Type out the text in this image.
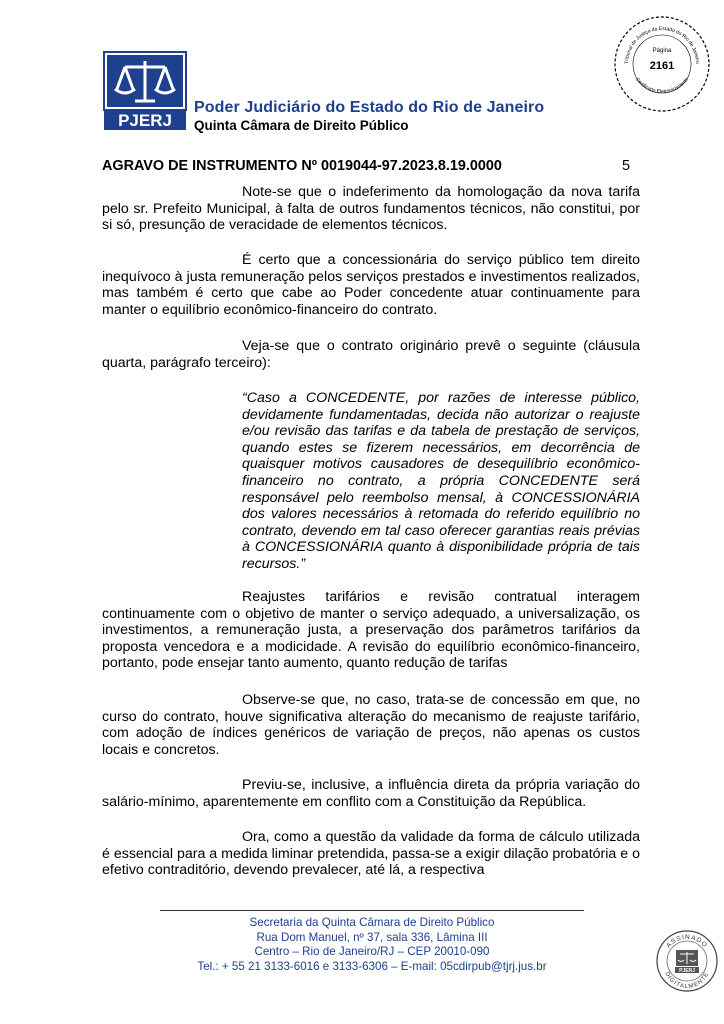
PJERJ
Poder Judiciário do Estado do Rio de Janeiro
Quinta Câmara de Direito Público
Tribunal de Justiça do Estado do Rio de Janeiro
Certificado Eletronicamente
Página
2161
AGRAVO DE INSTRUMENTO Nº 0019044-97.2023.8.19.0000	5

Note-se que o indeferimento da homologação da nova tarifa pelo sr. Prefeito Municipal, à falta de outros fundamentos técnicos, não constitui, por si só, presunção de veracidade de elementos técnicos.

É certo que a concessionária do serviço público tem direito inequívoco à justa remuneração pelos serviços prestados e investimentos realizados, mas também é certo que cabe ao Poder concedente atuar continuamente para manter o equilíbrio econômico-financeiro do contrato.

Veja-se que o contrato originário prevê o seguinte (cláusula quarta, parágrafo terceiro):

“Caso a CONCEDENTE, por razões de interesse público, devidamente fundamentadas, decida não autorizar o reajuste e/ou revisão das tarifas e da tabela de prestação de serviços, quando estes se fizerem necessários, em decorrência de quaisquer motivos causadores de desequilíbrio econômico-financeiro no contrato, a própria CONCEDENTE será responsável pelo reembolso mensal, à CONCESSIONÁRIA dos valores necessários à retomada do referido equilíbrio no contrato, devendo em tal caso oferecer garantias reais prévias à CONCESSIONÁRIA quanto à disponibilidade própria de tais recursos.”

Reajustes tarifários e revisão contratual interagem continuamente com o objetivo de manter o serviço adequado, a universalização, os investimentos, a remuneração justa, a preservação dos parâmetros tarifários da proposta vencedora e a modicidade. A revisão do equilíbrio econômico-financeiro, portanto, pode ensejar tanto aumento, quanto redução de tarifas

Observe-se que, no caso, trata-se de concessão em que, no curso do contrato, houve significativa alteração do mecanismo de reajuste tarifário, com adoção de índices genéricos de variação de preços, não apenas os custos locais e concretos.

Previu-se, inclusive, a influência direta da própria variação do salário-mínimo, aparentemente em conflito com a Constituição da República.

Ora, como a questão da validade da forma de cálculo utilizada é essencial para a medida liminar pretendida, passa-se a exigir dilação probatória e o efetivo contraditório, devendo prevalecer, até lá, a respectiva

Secretaria da Quinta Câmara de Direito Público
Rua Dom Manuel, nº 37, sala 336, Lâmina III
Centro – Rio de Janeiro/RJ – CEP 20010-090
Tel.: + 55 21 3133-6016 e 3133-6306 – E-mail: 05cdirpub@tjrj.jus.br
ASSINADO
DIGITALMENTE
PJERJ
